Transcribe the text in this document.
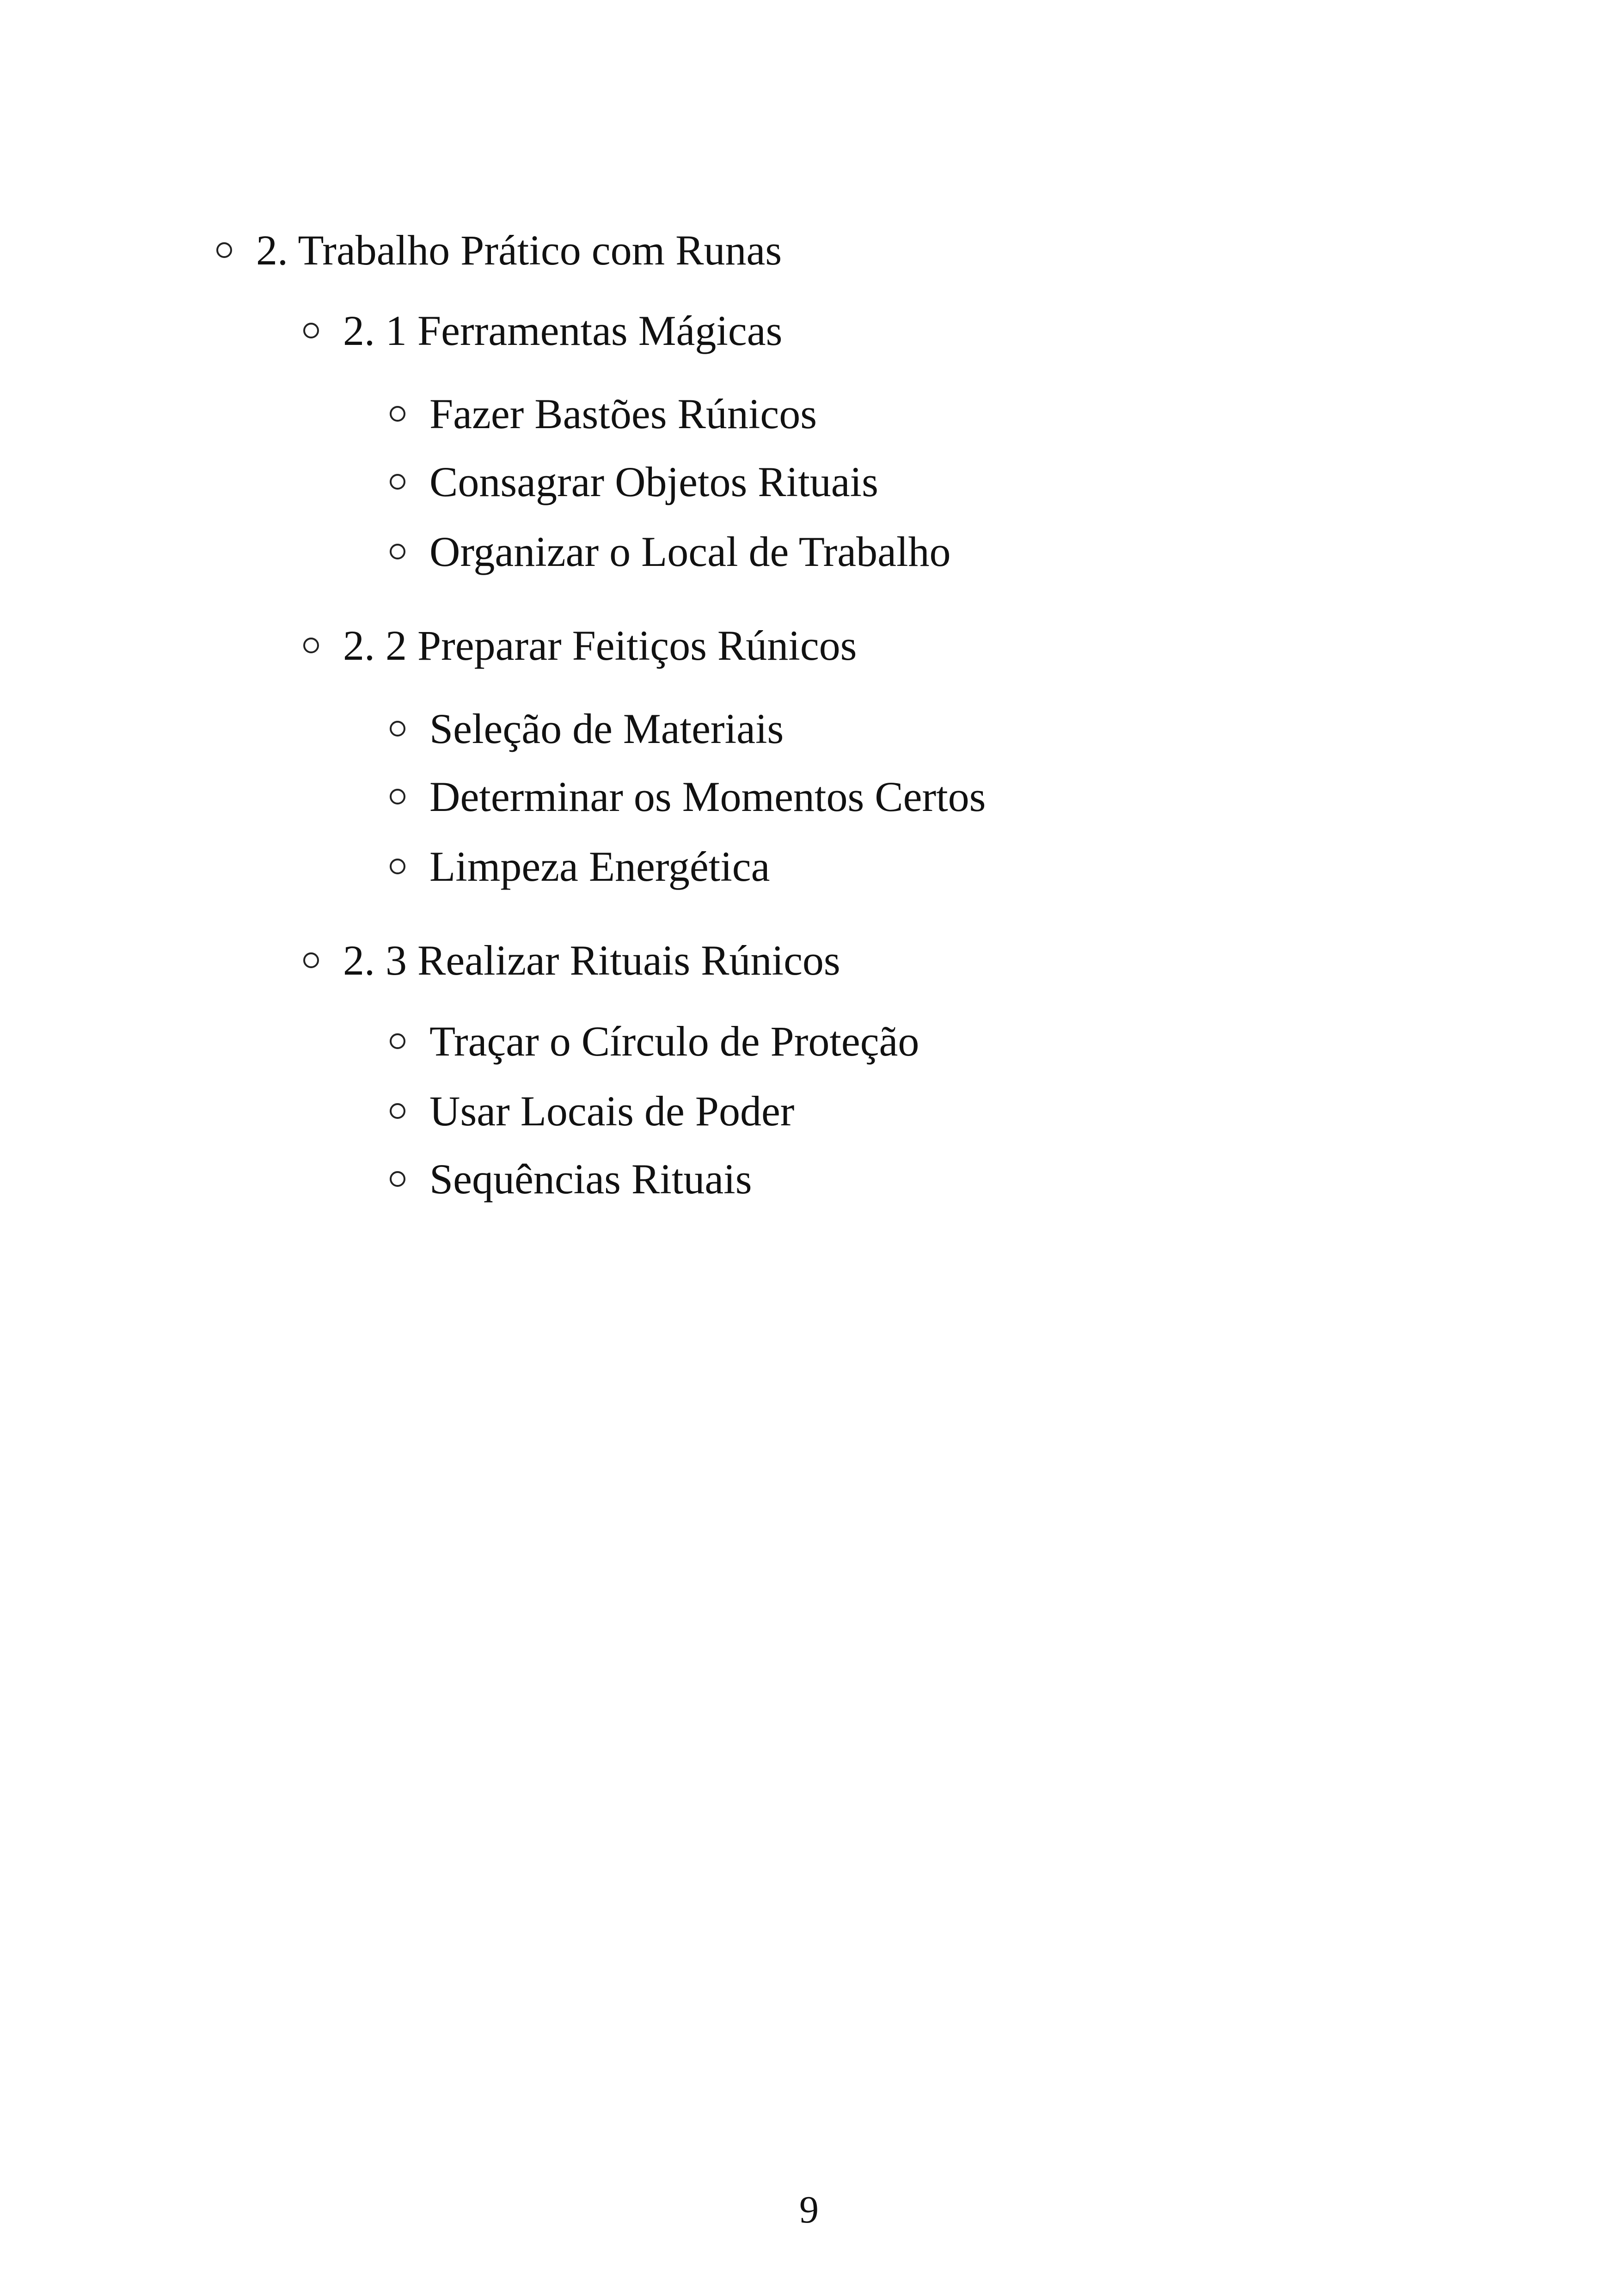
2. Trabalho Prático com Runas
2. 1 Ferramentas Mágicas
Fazer Bastões Rúnicos
Consagrar Objetos Rituais
Organizar o Local de Trabalho
2. 2 Preparar Feitiços Rúnicos
Seleção de Materiais
Determinar os Momentos Certos
Limpeza Energética
2. 3 Realizar Rituais Rúnicos
Traçar o Círculo de Proteção
Usar Locais de Poder
Sequências Rituais
9
